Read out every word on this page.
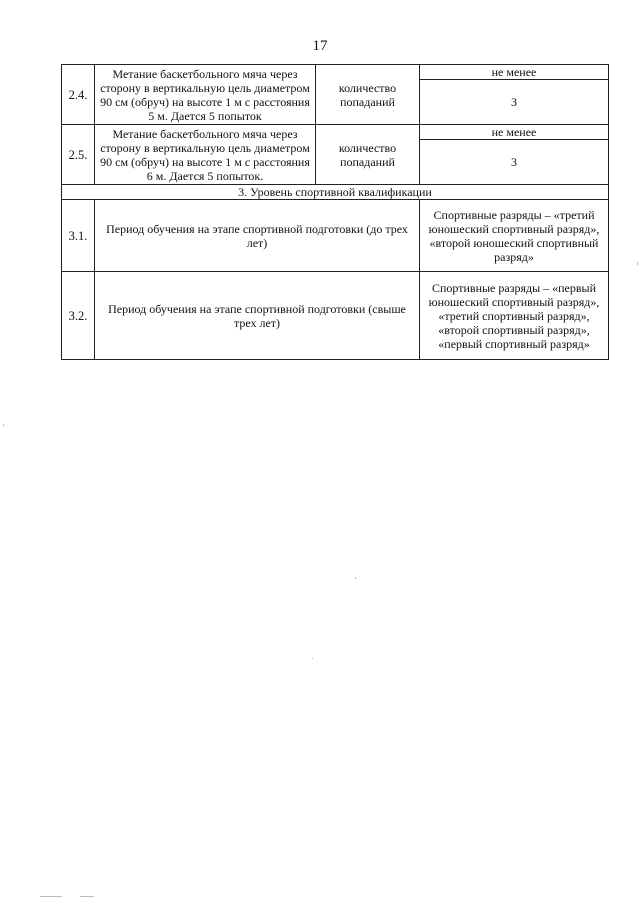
17
2.4.	Метание баскетбольного мяча через сторону в вертикальную цель диаметром 90 см (обруч) на высоте 1 м с расстояния 5 м. Дается 5 попыток	количество попаданий	не менее
			3
2.5.	Метание баскетбольного мяча через сторону в вертикальную цель диаметром 90 см (обруч) на высоте 1 м с расстояния 6 м. Дается 5 попыток.	количество попаданий	не менее
			3
3. Уровень спортивной квалификации			
3.1.	Период обучения на этапе спортивной подготовки (до трех лет)		Спортивные разряды – «третий юношеский спортивный разряд», «второй юношеский спортивный разряд»
3.2.	Период обучения на этапе спортивной подготовки (свыше трех лет)		Спортивные разряды – «первый юношеский спортивный разряд», «третий спортивный разряд», «второй спортивный разряд», «первый спортивный разряд»
